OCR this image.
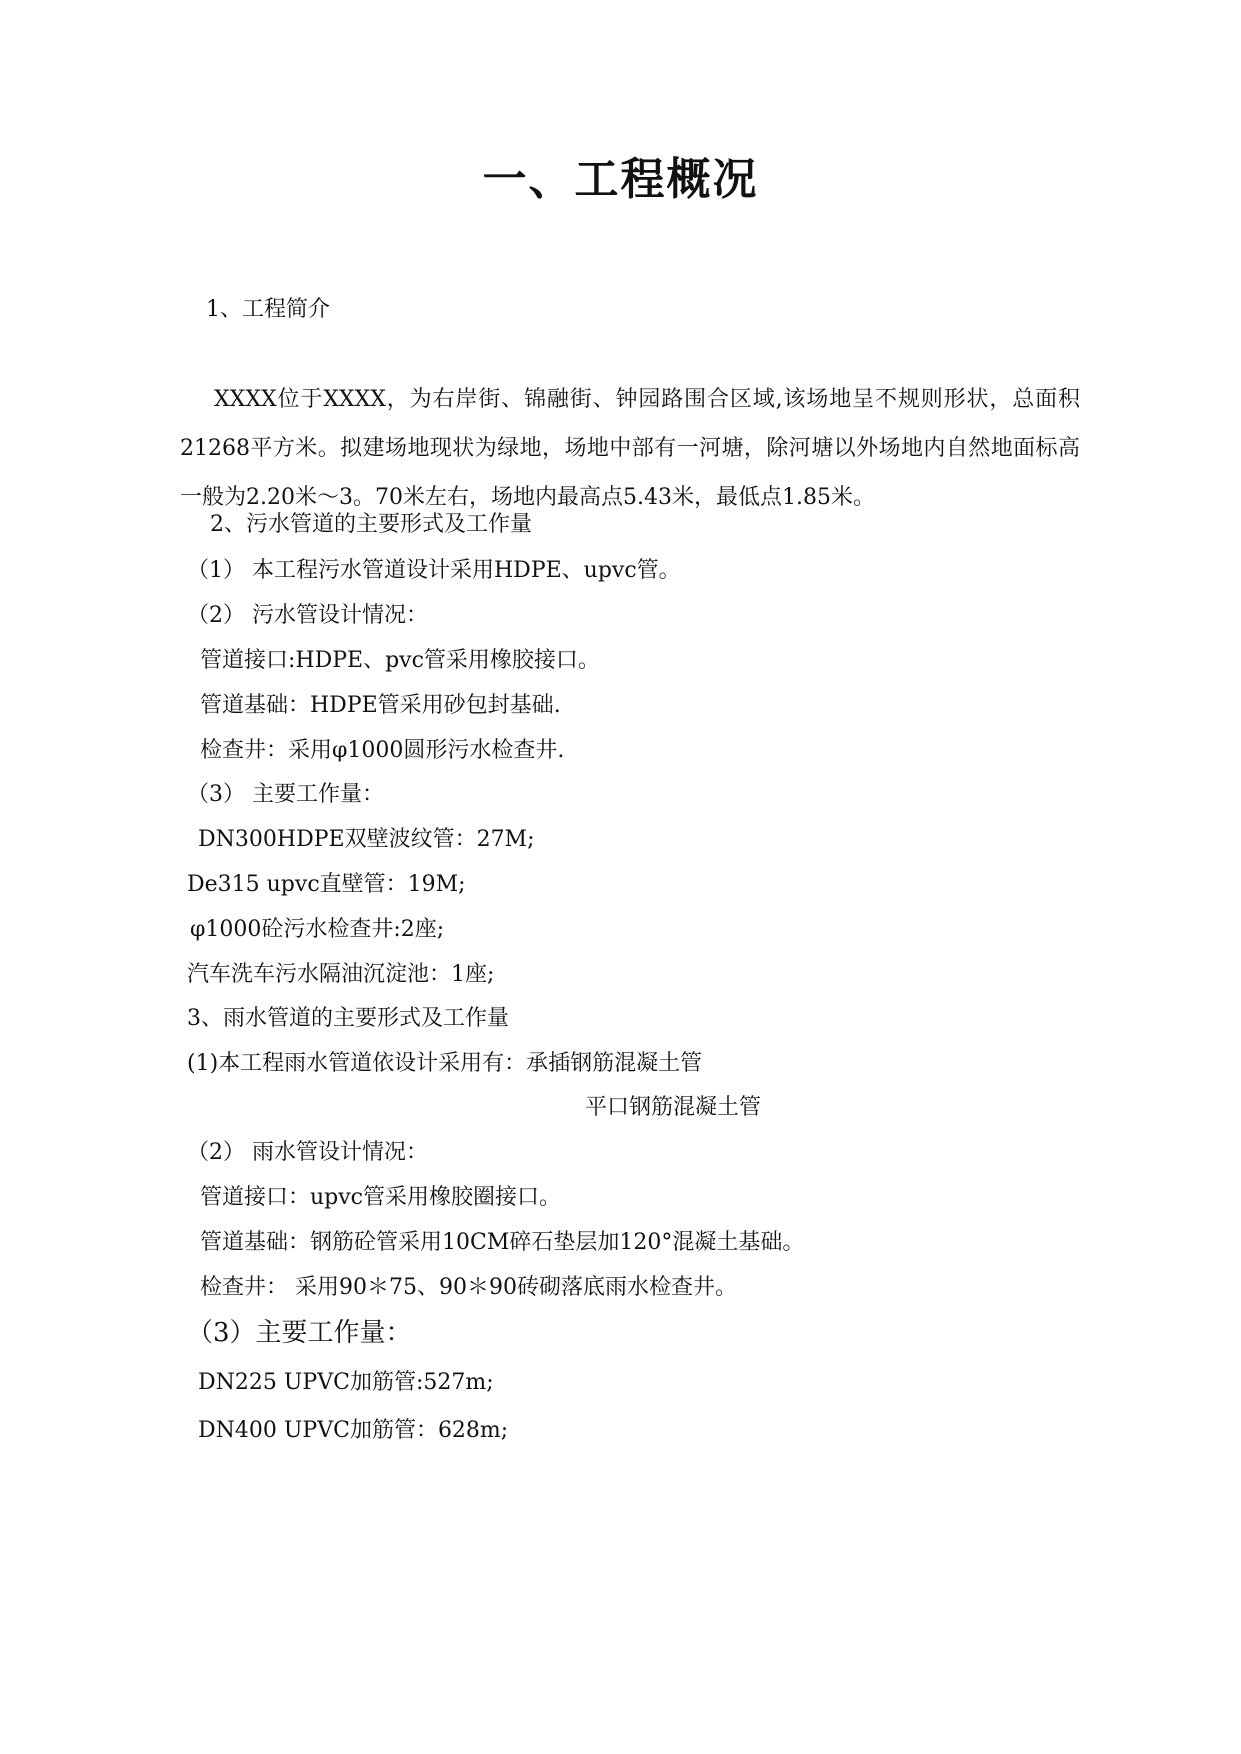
一、工程概况
1、工程简介
XXXX位于XXXX，为右岸街、锦融街、钟园路围合区域,该场地呈不规则形状，总面积21268平方米。拟建场地现状为绿地，场地中部有一河塘，除河塘以外场地内自然地面标高一般为2.20米～3。70米左右，场地内最高点5.43米，最低点1.85米。
2、污水管道的主要形式及工作量
（1） 本工程污水管道设计采用HDPE、upvc管。
（2） 污水管设计情况：
管道接口:HDPE、pvc管采用橡胶接口。
管道基础：HDPE管采用砂包封基础.
检查井：采用φ1000圆形污水检查井.
（3） 主要工作量：
DN300HDPE双壁波纹管：27M;
De315 upvc直壁管：19M;
φ1000砼污水检查井:2座;
汽车洗车污水隔油沉淀池：1座;
3、雨水管道的主要形式及工作量
(1)本工程雨水管道依设计采用有：承插钢筋混凝土管
平口钢筋混凝土管
（2） 雨水管设计情况：
管道接口：upvc管采用橡胶圈接口。
管道基础：钢筋砼管采用10CM碎石垫层加120°混凝土基础。
检查井： 采用90＊75、90＊90砖砌落底雨水检查井。
（3）主要工作量：
DN225 UPVC加筋管:527m;
DN400 UPVC加筋管：628m;
